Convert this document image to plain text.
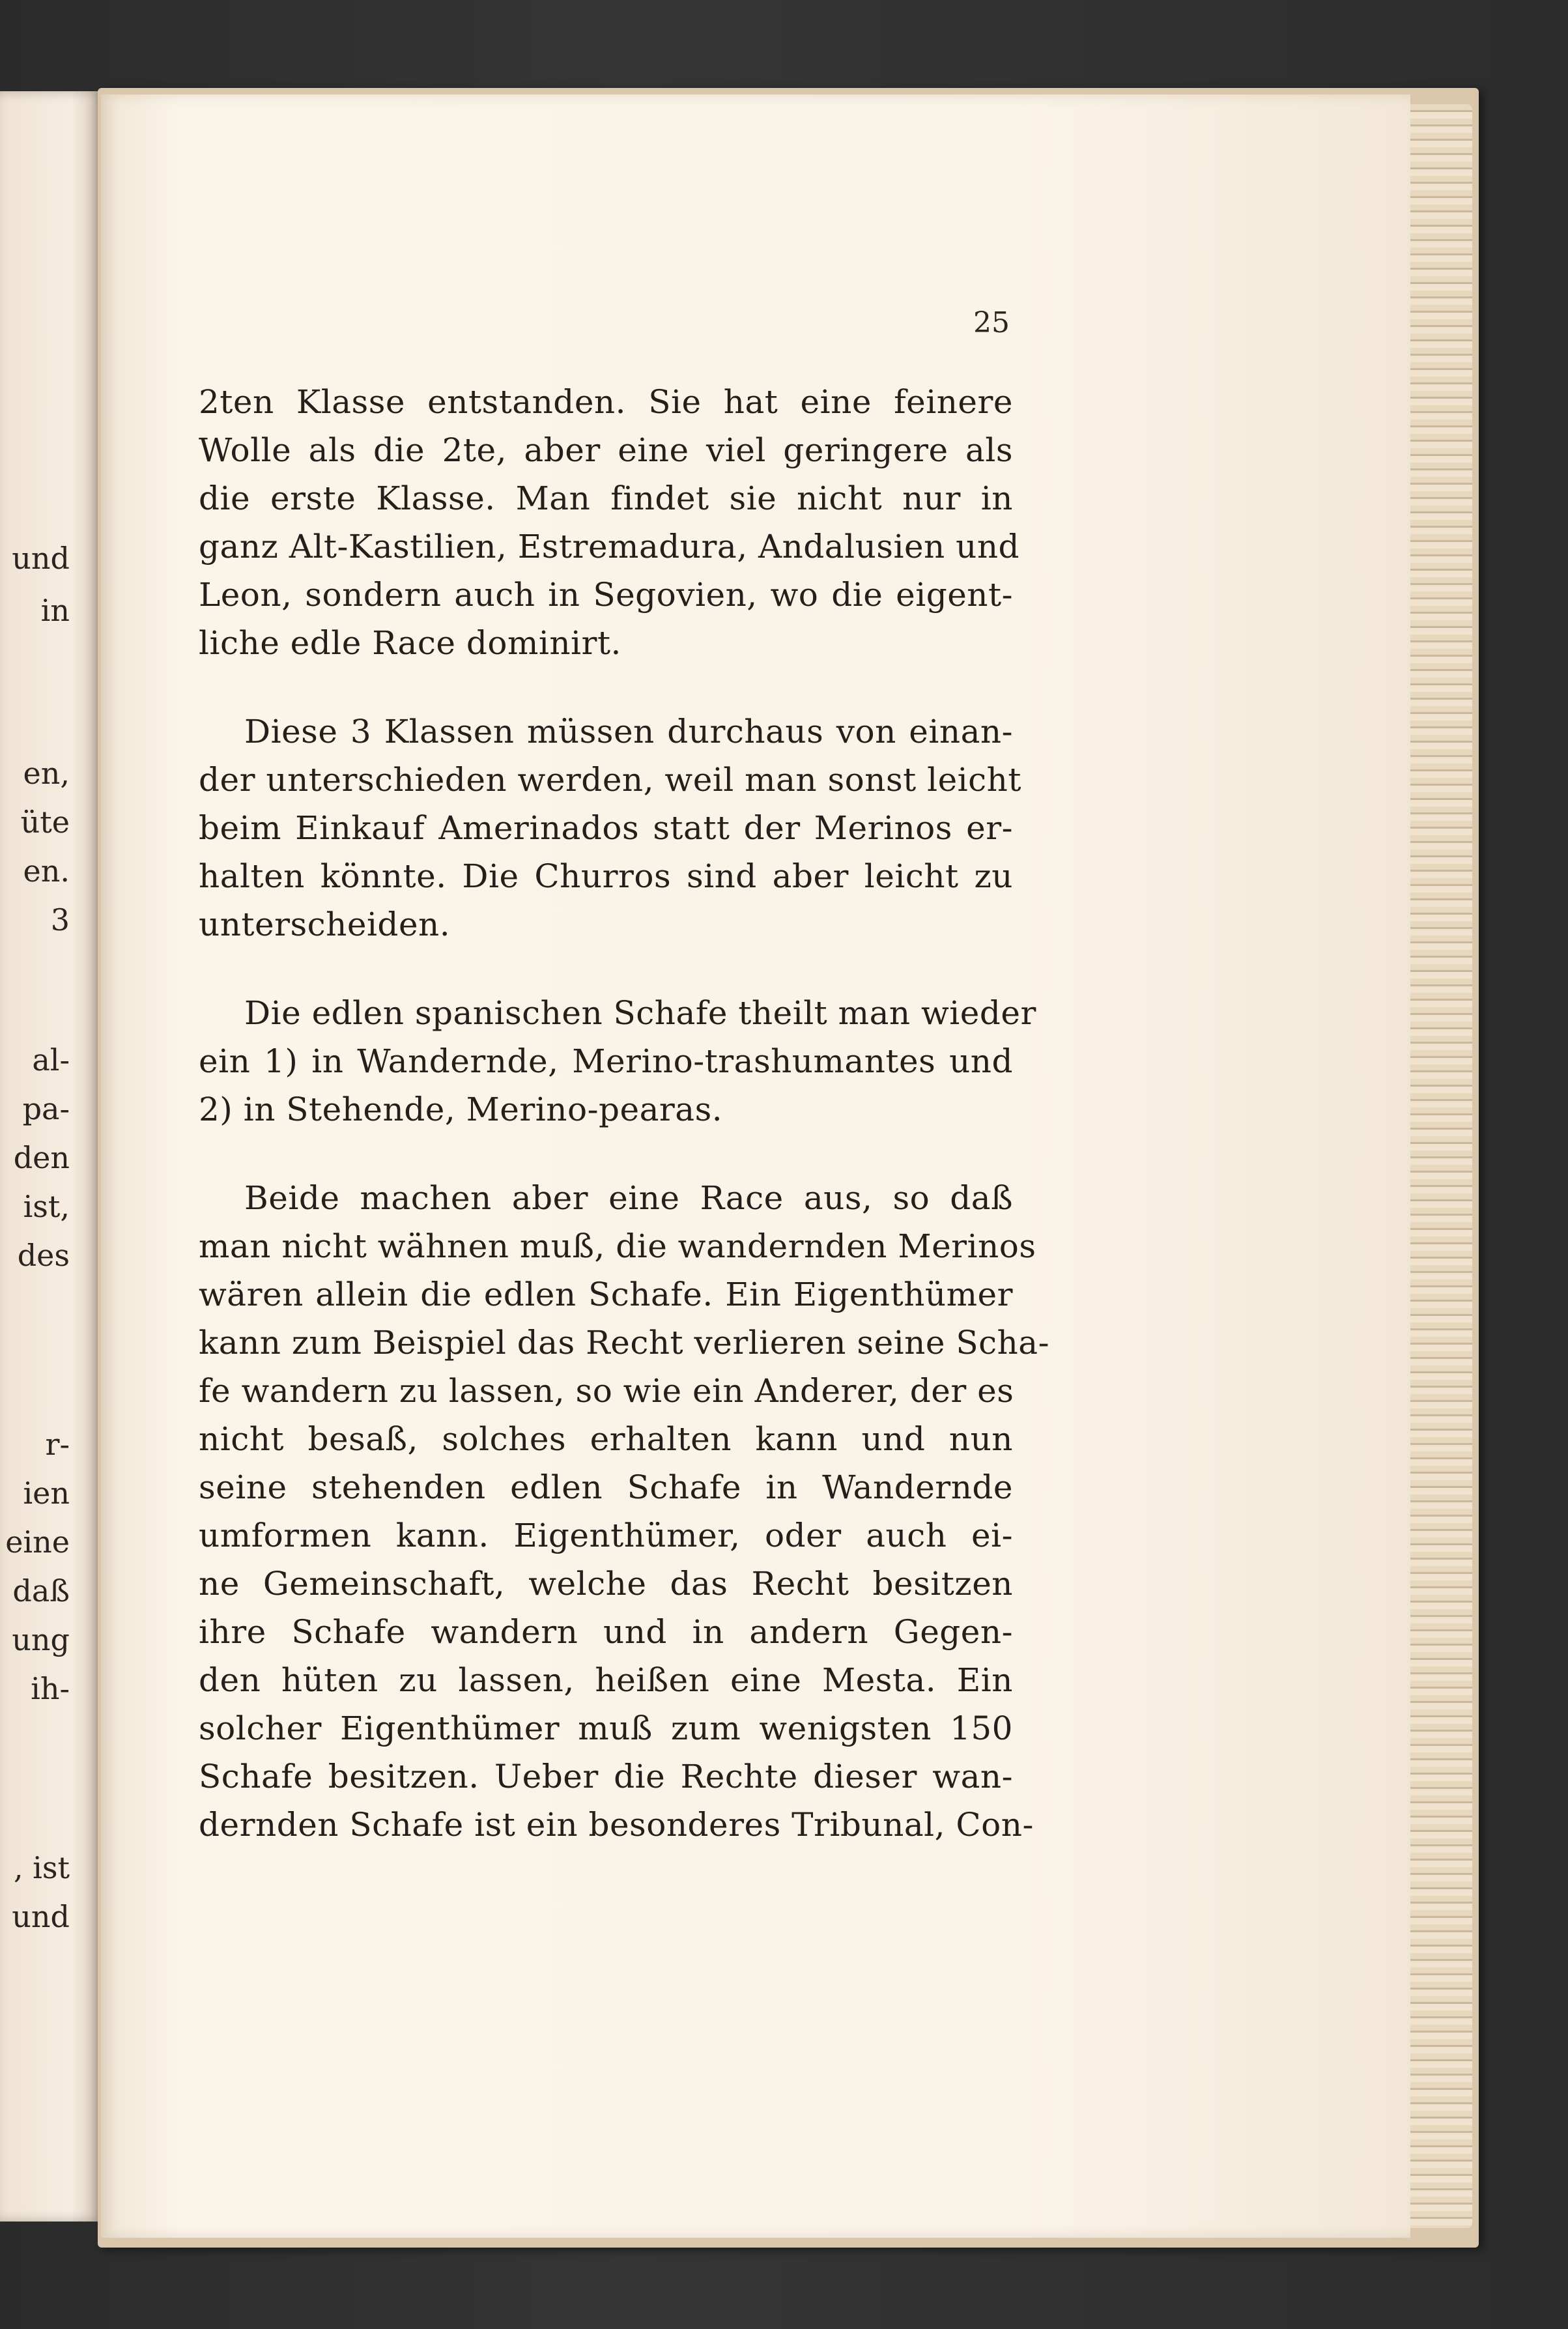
und
in
en,
üte
en.
3
al-
pa-
den
ist,
des
r-
ien
eine
daß
ung
ih-
, ist
und
25
2ten Klasse entstanden. Sie hat eine feinere
Wolle als die 2te, aber eine viel geringere als
die erste Klasse. Man findet sie nicht nur in
ganz Alt-Kastilien, Estremadura, Andalusien und
Leon, sondern auch in Segovien, wo die eigent-
liche edle Race dominirt.
Diese 3 Klassen müssen durchaus von einan-
der unterschieden werden, weil man sonst leicht
beim Einkauf Amerinados statt der Merinos er-
halten könnte. Die Churros sind aber leicht zu
unterscheiden.
Die edlen spanischen Schafe theilt man wieder
ein 1) in Wandernde, Merino-trashumantes und
2) in Stehende, Merino-pearas.
Beide machen aber eine Race aus, so daß
man nicht wähnen muß, die wandernden Merinos
wären allein die edlen Schafe. Ein Eigenthümer
kann zum Beispiel das Recht verlieren seine Scha-
fe wandern zu lassen, so wie ein Anderer, der es
nicht besaß, solches erhalten kann und nun
seine stehenden edlen Schafe in Wandernde
umformen kann. Eigenthümer, oder auch ei-
ne Gemeinschaft, welche das Recht besitzen
ihre Schafe wandern und in andern Gegen-
den hüten zu lassen, heißen eine Mesta. Ein
solcher Eigenthümer muß zum wenigsten 150
Schafe besitzen. Ueber die Rechte dieser wan-
dernden Schafe ist ein besonderes Tribunal, Con-
